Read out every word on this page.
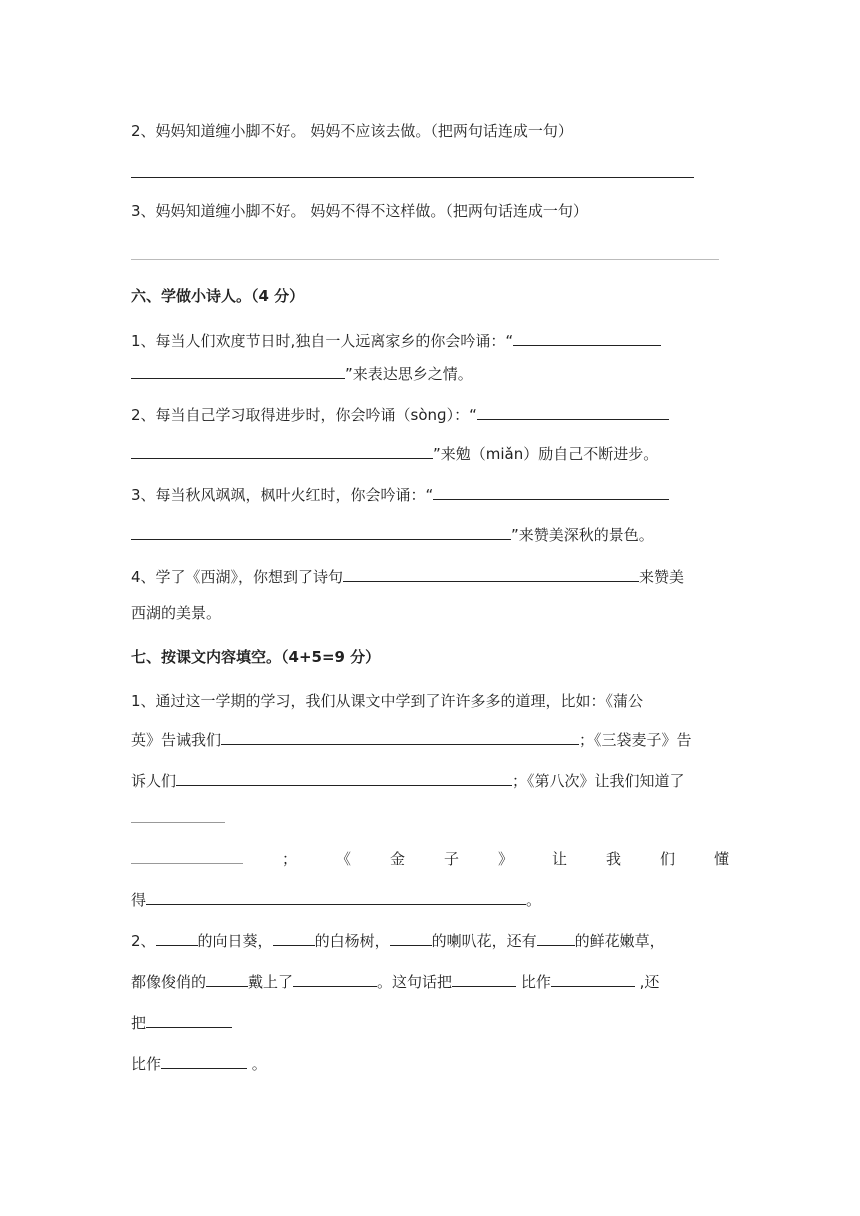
2、妈妈知道缠小脚不好。 妈妈不应该去做。（把两句话连成一句）
3、妈妈知道缠小脚不好。 妈妈不得不这样做。（把两句话连成一句）
六、学做小诗人。（4 分）
1、每当人们欢度节日时,独自一人远离家乡的你会吟诵：“
”来表达思乡之情。
2、每当自己学习取得进步时，你会吟诵（sònɡ）：“
”来勉（miǎn）励自己不断进步。
3、每当秋风飒飒，枫叶火红时，你会吟诵：“
”来赞美深秋的景色。
4、学了《西湖》，你想到了诗句	来赞美
西湖的美景。
七、按课文内容填空。（4+5=9 分）
1、通过这一学期的学习，我们从课文中学到了许许多多的道理，比如：《蒲公
英》告诫我们	；《三袋麦子》告
诉人们	；《第八次》让我们知道了
；	《	金	子	》	让	我	们	懂
得	。
2、	的向日葵，	的白杨树，	的喇叭花，还有	的鲜花嫩草，
都像俊俏的	戴上了	。这句话把	比作	,还
把
比作	。
